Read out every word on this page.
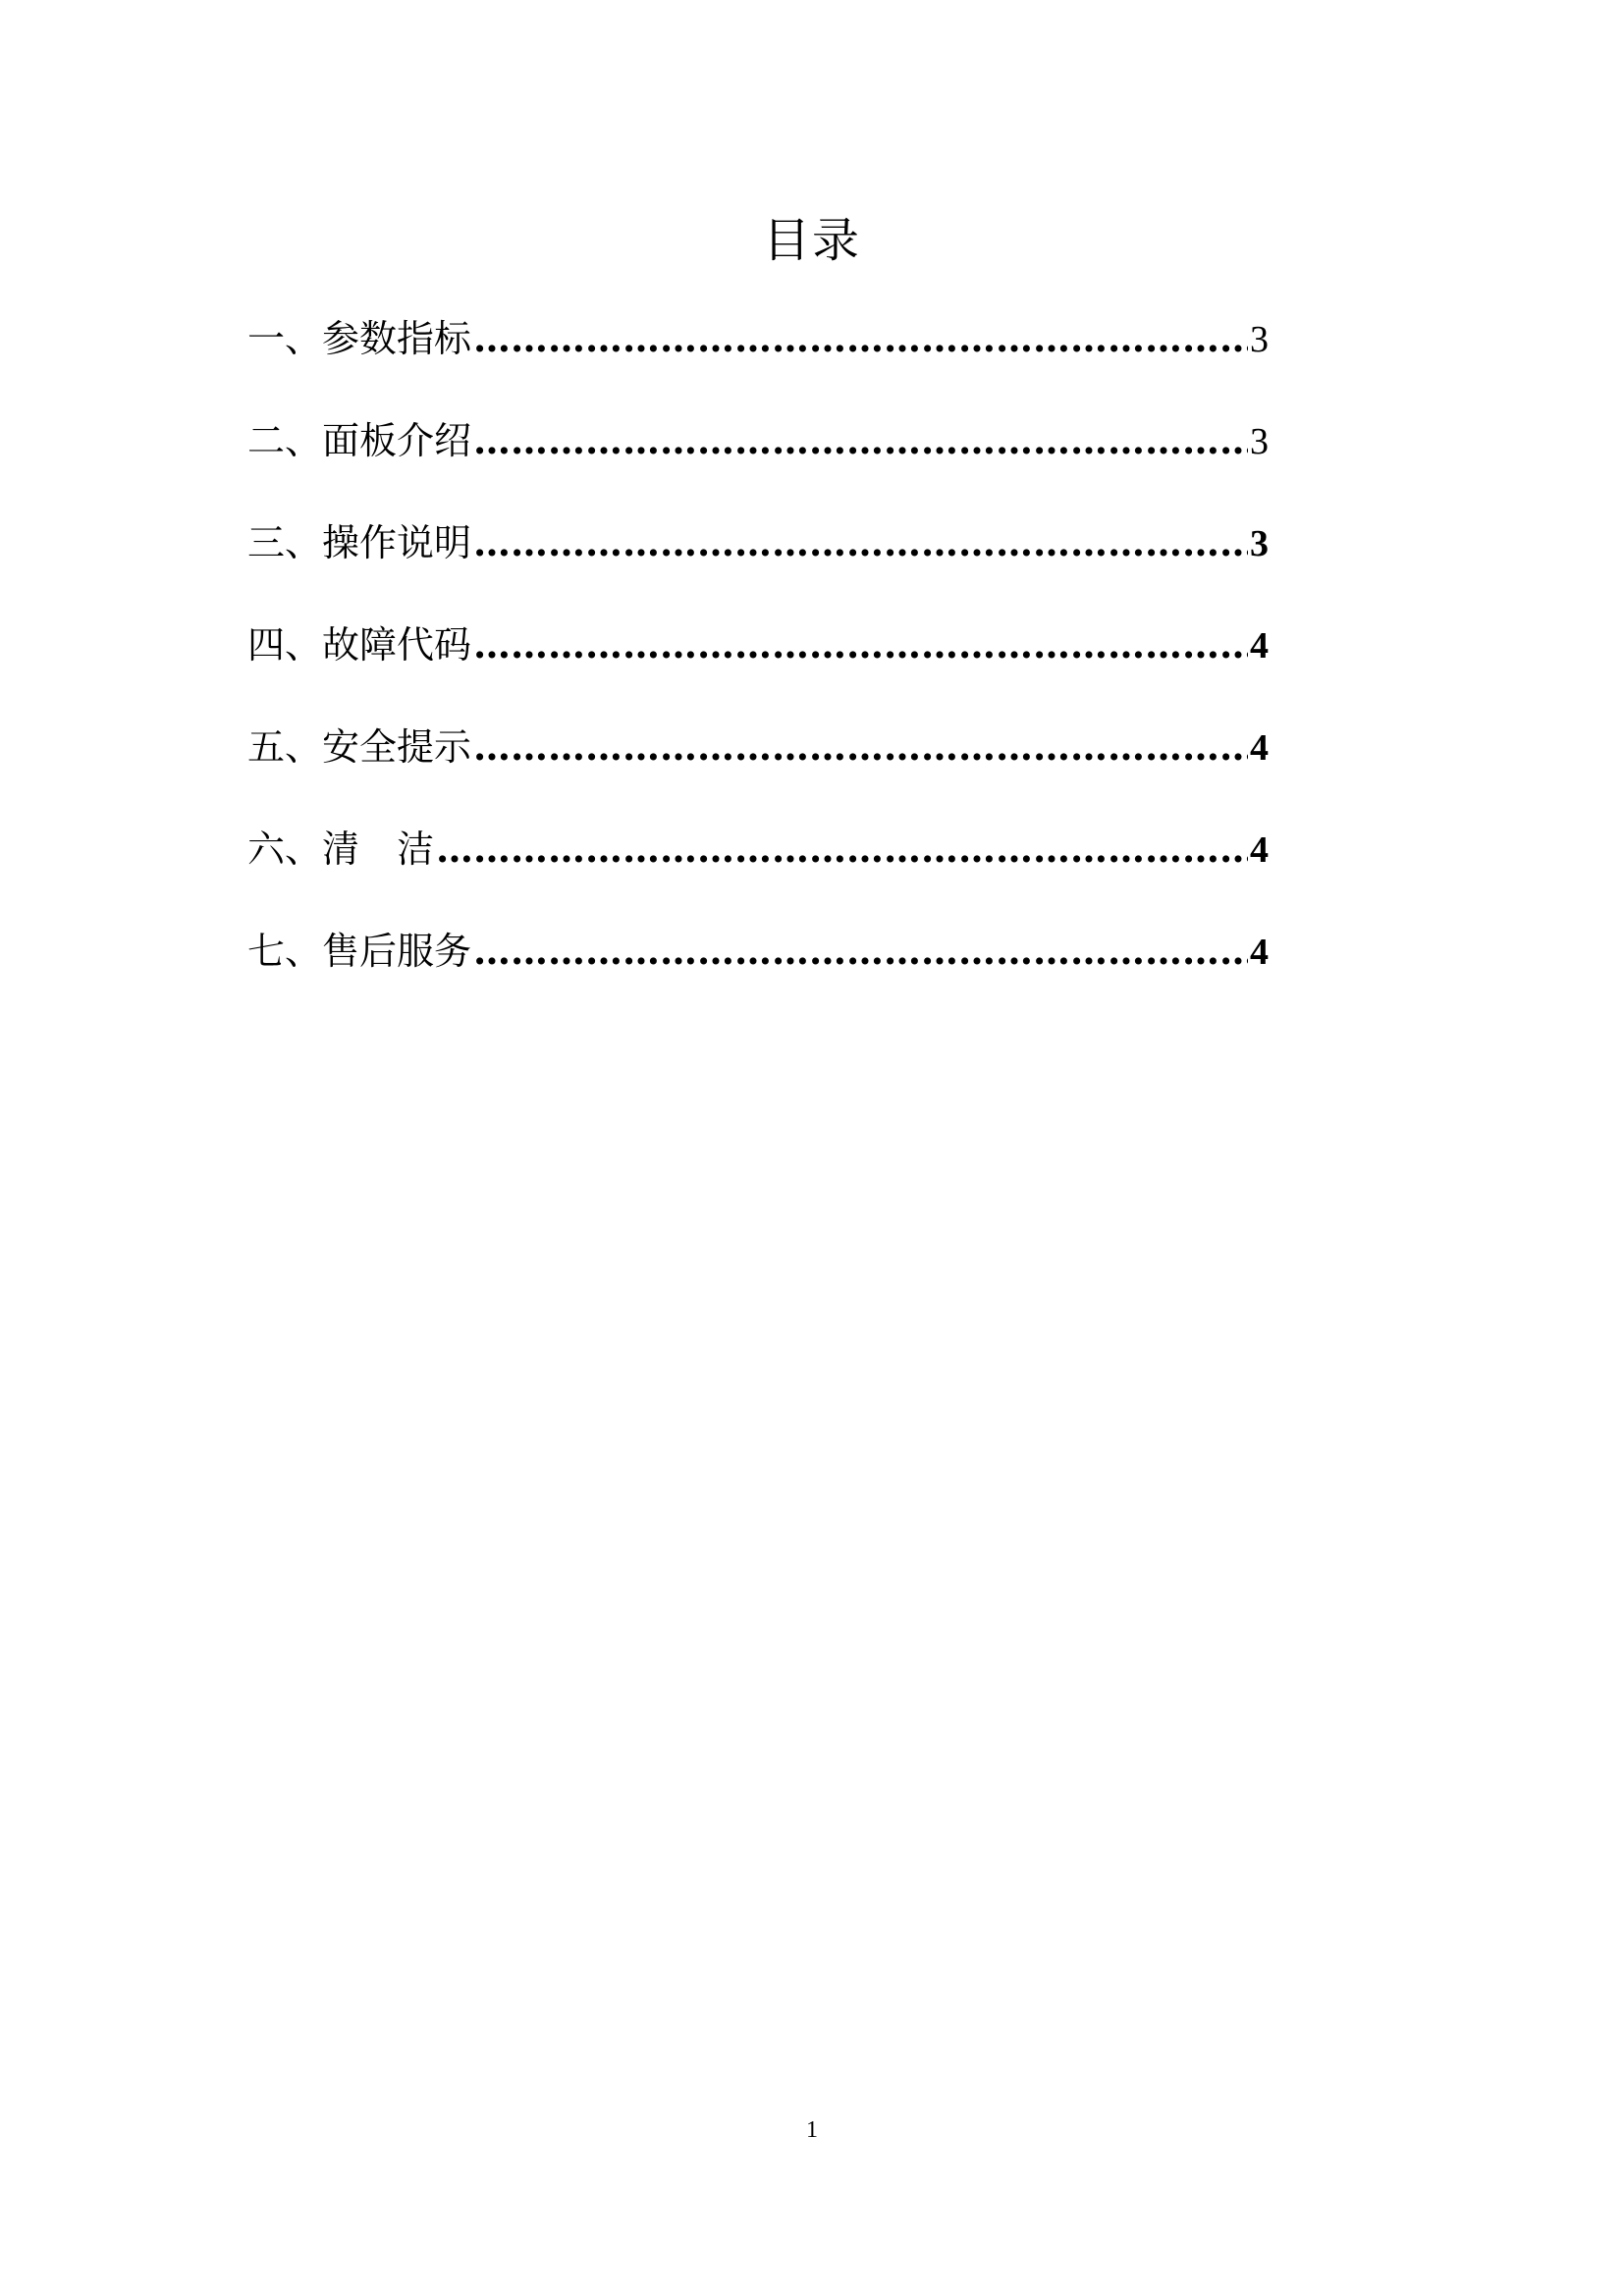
目录
一、参数指标 ……………………………………………………………………………………………………………………………………	3
二、面板介绍 ……………………………………………………………………………………………………………………………………	3
三、操作说明 ……………………………………………………………………………………………………………………………………	3
四、故障代码 ……………………………………………………………………………………………………………………………………	4
五、安全提示 ……………………………………………………………………………………………………………………………………	4
六、清　洁 ……………………………………………………………………………………………………………………………………	4
七、售后服务 ……………………………………………………………………………………………………………………………………	4
1
